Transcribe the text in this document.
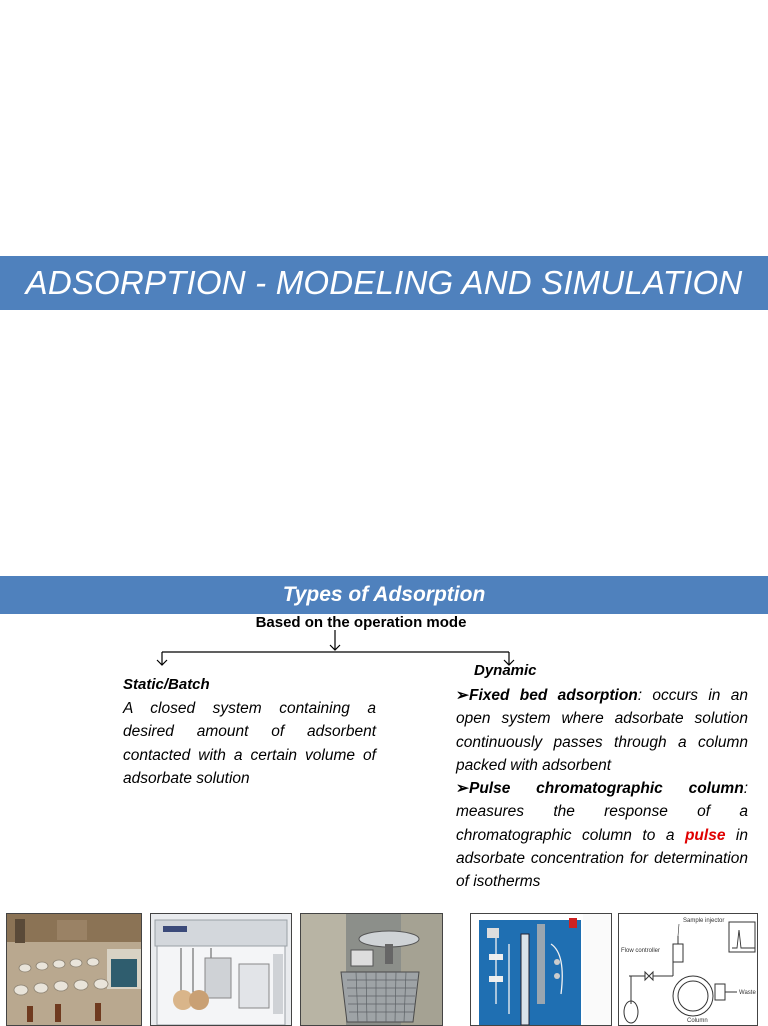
ADSORPTION - MODELING AND SIMULATION
Types of Adsorption
Based on the operation mode
Static/Batch
A closed system containing a desired amount of adsorbent contacted with a certain volume of adsorbate solution
Dynamic

➢Fixed bed adsorption: occurs in an open system where adsorbate solution continuously passes through a column packed with adsorbent

➢Pulse chromatographic column: measures the response of a chromatographic column to a pulse in adsorbate concentration for determination of isotherms

Sample injector
Flow controller
Waste
Column
